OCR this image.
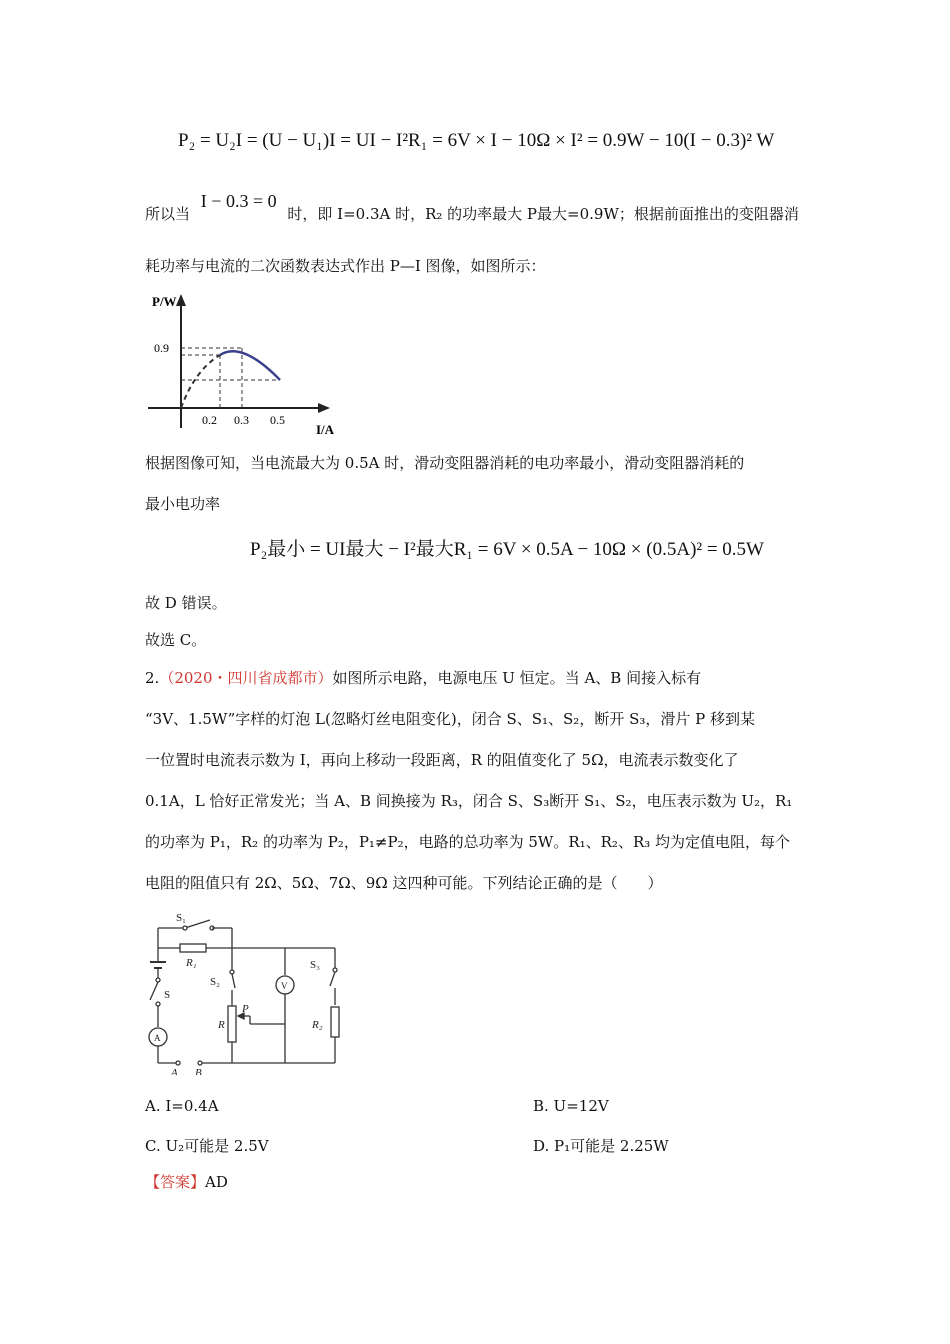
P₂ = U₂I = (U − U₁)I = UI − I²R₁ = 6V × I − 10Ω × I² = 0.9W − 10(I − 0.3)² W
所以当 I − 0.3 = 0 时，即 I=0.3A 时，R₂ 的功率最大 P最大=0.9W；根据前面推出的变阻器消
耗功率与电流的二次函数表达式作出 P—I 图像，如图所示：
P/W
0.9
0.2 0.3 0.5
I/A
根据图像可知，当电流最大为 0.5A 时，滑动变阻器消耗的电功率最小，滑动变阻器消耗的
最小电功率
P₂最小 = UI最大 − I²最大R₁ = 6V × 0.5A − 10Ω × (0.5A)² = 0.5W
故 D 错误。
故选 C。
2.（2020・四川省成都市）如图所示电路，电源电压 U 恒定。当 A、B 间接入标有
“3V、1.5W”字样的灯泡 L(忽略灯丝电阻变化)，闭合 S、S₁、S₂，断开 S₃，滑片 P 移到某
一位置时电流表示数为 I，再向上移动一段距离，R 的阻值变化了 5Ω，电流表示数变化了
0.1A，L 恰好正常发光；当 A、B 间换接为 R₃，闭合 S、S₃断开 S₁、S₂，电压表示数为 U₂，R₁
的功率为 P₁，R₂ 的功率为 P₂，P₁≠P₂，电路的总功率为 5W。R₁、R₂、R₃ 均为定值电阻，每个
电阻的阻值只有 2Ω、5Ω、7Ω、9Ω 这四种可能。下列结论正确的是（　　）
S₁
R₁
S₂
S
V
S₃
A
R
P
R₂
A B
A. I=0.4A	B. U=12V
C. U₂可能是 2.5V	D. P₁可能是 2.25W
【答案】AD
